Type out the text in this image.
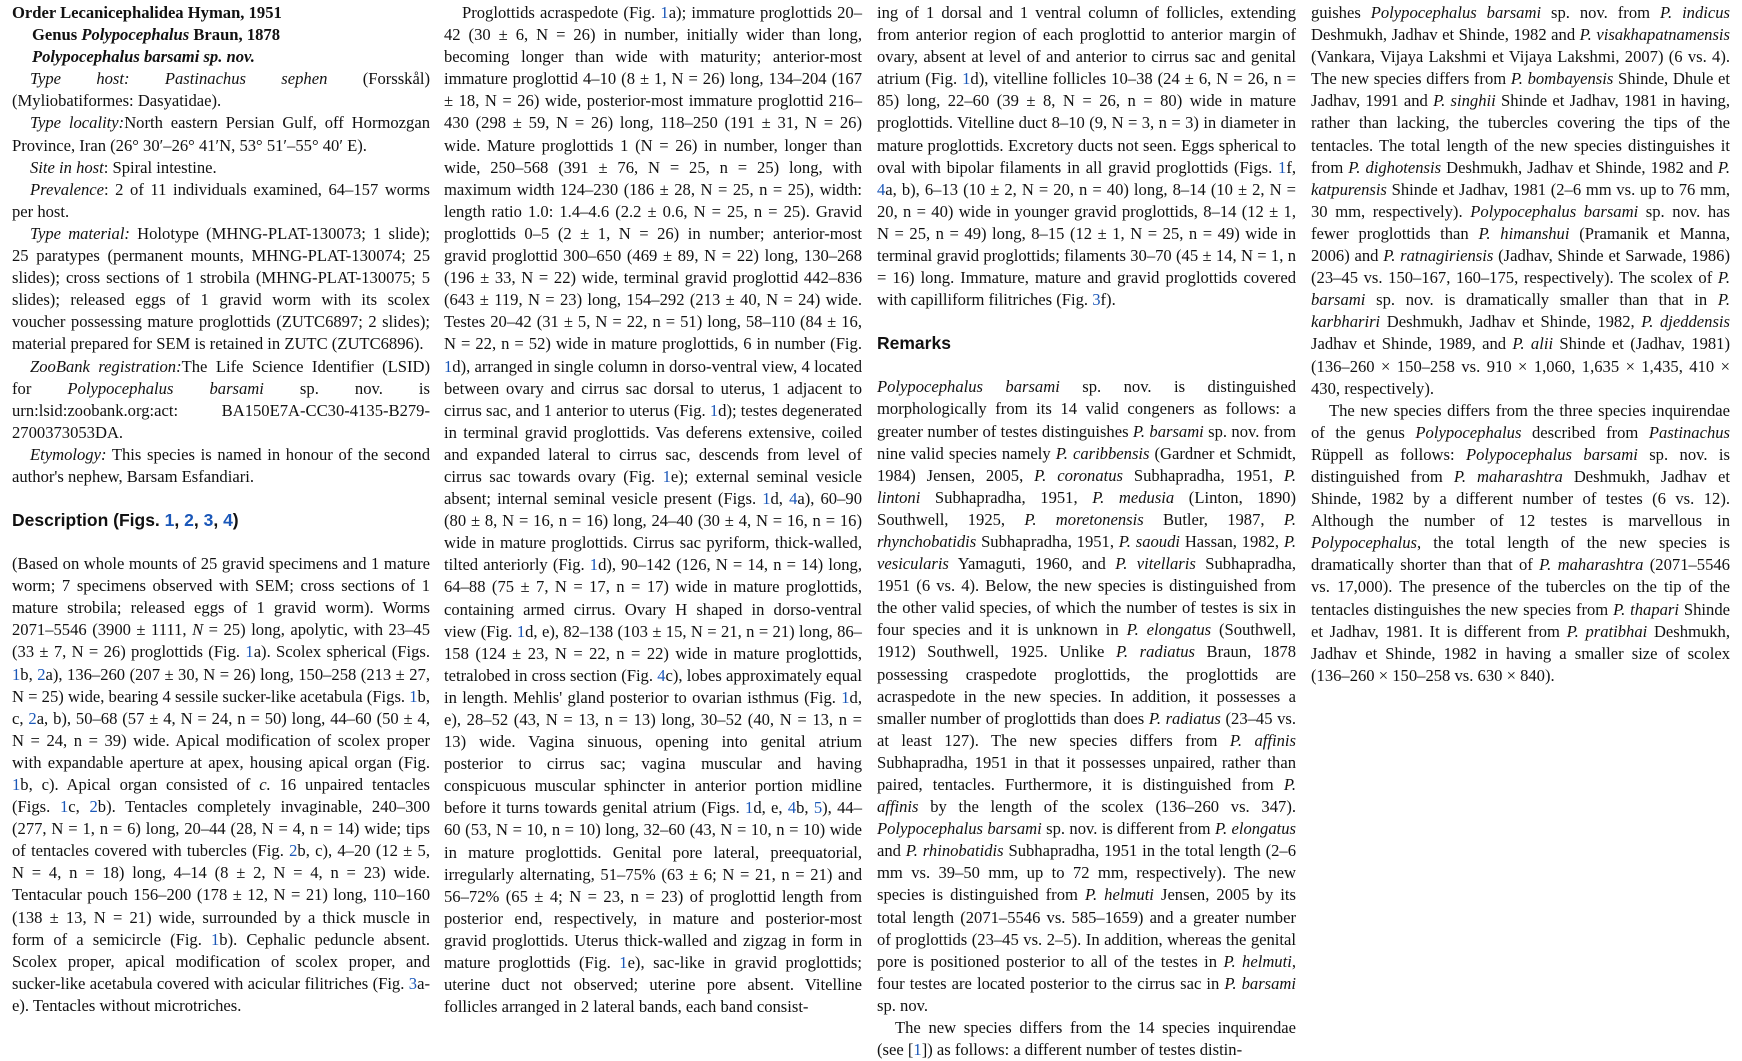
Order Lecanicephalidea Hyman, 1951

Genus Polypocephalus Braun, 1878

Polypocephalus barsami sp. nov.

Type host: Pastinachus sephen (Forsskål) (Myliobatiformes: Dasyatidae).

Type locality:North eastern Persian Gulf, off Hormozgan Province, Iran (26° 30′–26° 41′N, 53° 51′–55° 40′ E).

Site in host: Spiral intestine.

Prevalence: 2 of 11 individuals examined, 64–157 worms per host.

Type material: Holotype (MHNG-PLAT-130073; 1 slide); 25 paratypes (permanent mounts, MHNG-PLAT-130074; 25 slides); cross sections of 1 strobila (MHNG-PLAT-130075; 5 slides); released eggs of 1 gravid worm with its scolex voucher possessing mature proglottids (ZUTC6897; 2 slides); material prepared for SEM is retained in ZUTC (ZUTC6896).

ZooBank registration:The Life Science Identifier (LSID) for Polypocephalus barsami sp. nov. is urn:lsid:zoobank.org:act: BA150E7A-CC30-4135-B279-2700373053DA.

Etymology: This species is named in honour of the second author's nephew, Barsam Esfandiari.

Description (Figs. 1, 2, 3, 4)

(Based on whole mounts of 25 gravid specimens and 1 mature worm; 7 specimens observed with SEM; cross sections of 1 mature strobila; released eggs of 1 gravid worm). Worms 2071–5546 (3900 ± 1111, N = 25) long, apolytic, with 23–45 (33 ± 7, N = 26) proglottids (Fig. 1a). Scolex spherical (Figs. 1b, 2a), 136–260 (207 ± 30, N = 26) long, 150–258 (213 ± 27, N = 25) wide, bearing 4 sessile sucker-like acetabula (Figs. 1b, c, 2a, b), 50–68 (57 ± 4, N = 24, n = 50) long, 44–60 (50 ± 4, N = 24, n = 39) wide. Apical modification of scolex proper with expandable aperture at apex, housing apical organ (Fig. 1b, c). Apical organ consisted of c. 16 unpaired tentacles (Figs. 1c, 2b). Tentacles completely invaginable, 240–300 (277, N = 1, n = 6) long, 20–44 (28, N = 4, n = 14) wide; tips of tentacles covered with tubercles (Fig. 2b, c), 4–20 (12 ± 5, N = 4, n = 18) long, 4–14 (8 ± 2, N = 4, n = 23) wide. Tentacular pouch 156–200 (178 ± 12, N = 21) long, 110–160 (138 ± 13, N = 21) wide, surrounded by a thick muscle in form of a semicircle (Fig. 1b). Cephalic peduncle absent. Scolex proper, apical modification of scolex proper, and sucker-like acetabula covered with acicular filitriches (Fig. 3a-e). Tentacles without microtriches.

Proglottids acraspedote (Fig. 1a); immature proglottids 20–42 (30 ± 6, N = 26) in number, initially wider than long, becoming longer than wide with maturity; anterior-most immature proglottid 4–10 (8 ± 1, N = 26) long, 134–204 (167 ± 18, N = 26) wide, posterior-most immature proglottid 216–430 (298 ± 59, N = 26) long, 118–250 (191 ± 31, N = 26) wide. Mature proglottids 1 (N = 26) in number, longer than wide, 250–568 (391 ± 76, N = 25, n = 25) long, with maximum width 124–230 (186 ± 28, N = 25, n = 25), width: length ratio 1.0: 1.4–4.6 (2.2 ± 0.6, N = 25, n = 25). Gravid proglottids 0–5 (2 ± 1, N = 26) in number; anterior-most gravid proglottid 300–650 (469 ± 89, N = 22) long, 130–268 (196 ± 33, N = 22) wide, terminal gravid proglottid 442–836 (643 ± 119, N = 23) long, 154–292 (213 ± 40, N = 24) wide. Testes 20–42 (31 ± 5, N = 22, n = 51) long, 58–110 (84 ± 16, N = 22, n = 52) wide in mature proglottids, 6 in number (Fig. 1d), arranged in single column in dorso-ventral view, 4 located between ovary and cirrus sac dorsal to uterus, 1 adjacent to cirrus sac, and 1 anterior to uterus (Fig. 1d); testes degenerated in terminal gravid proglottids. Vas deferens extensive, coiled and expanded lateral to cirrus sac, descends from level of cirrus sac towards ovary (Fig. 1e); external seminal vesicle absent; internal seminal vesicle present (Figs. 1d, 4a), 60–90 (80 ± 8, N = 16, n = 16) long, 24–40 (30 ± 4, N = 16, n = 16) wide in mature proglottids. Cirrus sac pyriform, thick-walled, tilted anteriorly (Fig. 1d), 90–142 (126, N = 14, n = 14) long, 64–88 (75 ± 7, N = 17, n = 17) wide in mature proglottids, containing armed cirrus. Ovary H shaped in dorso-ventral view (Fig. 1d, e), 82–138 (103 ± 15, N = 21, n = 21) long, 86–158 (124 ± 23, N = 22, n = 22) wide in mature proglottids, tetralobed in cross section (Fig. 4c), lobes approximately equal in length. Mehlis' gland posterior to ovarian isthmus (Fig. 1d, e), 28–52 (43, N = 13, n = 13) long, 30–52 (40, N = 13, n = 13) wide. Vagina sinuous, opening into genital atrium posterior to cirrus sac; vagina muscular and having conspicuous muscular sphincter in anterior portion midline before it turns towards genital atrium (Figs. 1d, e, 4b, 5), 44–60 (53, N = 10, n = 10) long, 32–60 (43, N = 10, n = 10) wide in mature proglottids. Genital pore lateral, preequatorial, irregularly alternating, 51–75% (63 ± 6; N = 21, n = 21) and 56–72% (65 ± 4; N = 23, n = 23) of proglottid length from posterior end, respectively, in mature and posterior-most gravid proglottids. Uterus thick-walled and zigzag in form in mature proglottids (Fig. 1e), sac-like in gravid proglottids; uterine duct not observed; uterine pore absent. Vitelline follicles arranged in 2 lateral bands, each band consist-

ing of 1 dorsal and 1 ventral column of follicles, extending from anterior region of each proglottid to anterior margin of ovary, absent at level of and anterior to cirrus sac and genital atrium (Fig. 1d), vitelline follicles 10–38 (24 ± 6, N = 26, n = 85) long, 22–60 (39 ± 8, N = 26, n = 80) wide in mature proglottids. Vitelline duct 8–10 (9, N = 3, n = 3) in diameter in mature proglottids. Excretory ducts not seen. Eggs spherical to oval with bipolar filaments in all gravid proglottids (Figs. 1f, 4a, b), 6–13 (10 ± 2, N = 20, n = 40) long, 8–14 (10 ± 2, N = 20, n = 40) wide in younger gravid proglottids, 8–14 (12 ± 1, N = 25, n = 49) long, 8–15 (12 ± 1, N = 25, n = 49) wide in terminal gravid proglottids; filaments 30–70 (45 ± 14, N = 1, n = 16) long. Immature, mature and gravid proglottids covered with capilliform filitriches (Fig. 3f).

Remarks

Polypocephalus barsami sp. nov. is distinguished morphologically from its 14 valid congeners as follows: a greater number of testes distinguishes P. barsami sp. nov. from nine valid species namely P. caribbensis (Gardner et Schmidt, 1984) Jensen, 2005, P. coronatus Subhapradha, 1951, P. lintoni Subhapradha, 1951, P. medusia (Linton, 1890) Southwell, 1925, P. moretonensis Butler, 1987, P. rhynchobatidis Subhapradha, 1951, P. saoudi Hassan, 1982, P. vesicularis Yamaguti, 1960, and P. vitellaris Subhapradha, 1951 (6 vs. 4). Below, the new species is distinguished from the other valid species, of which the number of testes is six in four species and it is unknown in P. elongatus (Southwell, 1912) Southwell, 1925. Unlike P. radiatus Braun, 1878 possessing craspedote proglottids, the proglottids are acraspedote in the new species. In addition, it possesses a smaller number of proglottids than does P. radiatus (23–45 vs. at least 127). The new species differs from P. affinis Subhapradha, 1951 in that it possesses unpaired, rather than paired, tentacles. Furthermore, it is distinguished from P. affinis by the length of the scolex (136–260 vs. 347). Polypocephalus barsami sp. nov. is different from P. elongatus and P. rhinobatidis Subhapradha, 1951 in the total length (2–6 mm vs. 39–50 mm, up to 72 mm, respectively). The new species is distinguished from P. helmuti Jensen, 2005 by its total length (2071–5546 vs. 585–1659) and a greater number of proglottids (23–45 vs. 2–5). In addition, whereas the genital pore is positioned posterior to all of the testes in P. helmuti, four testes are located posterior to the cirrus sac in P. barsami sp. nov.

The new species differs from the 14 species inquirendae (see [1]) as follows: a different number of testes distin-

guishes Polypocephalus barsami sp. nov. from P. indicus Deshmukh, Jadhav et Shinde, 1982 and P. visakhapatnamensis (Vankara, Vijaya Lakshmi et Vijaya Lakshmi, 2007) (6 vs. 4). The new species differs from P. bombayensis Shinde, Dhule et Jadhav, 1991 and P. singhii Shinde et Jadhav, 1981 in having, rather than lacking, the tubercles covering the tips of the tentacles. The total length of the new species distinguishes it from P. dighotensis Deshmukh, Jadhav et Shinde, 1982 and P. katpurensis Shinde et Jadhav, 1981 (2–6 mm vs. up to 76 mm, 30 mm, respectively). Polypocephalus barsami sp. nov. has fewer proglottids than P. himanshui (Pramanik et Manna, 2006) and P. ratnagiriensis (Jadhav, Shinde et Sarwade, 1986) (23–45 vs. 150–167, 160–175, respectively). The scolex of P. barsami sp. nov. is dramatically smaller than that in P. karbhariri Deshmukh, Jadhav et Shinde, 1982, P. djeddensis Jadhav et Shinde, 1989, and P. alii Shinde et (Jadhav, 1981) (136–260 × 150–258 vs. 910 × 1,060, 1,635 × 1,435, 410 × 430, respectively).

The new species differs from the three species inquirendae of the genus Polypocephalus described from Pastinachus Rüppell as follows: Polypocephalus barsami sp. nov. is distinguished from P. maharashtra Deshmukh, Jadhav et Shinde, 1982 by a different number of testes (6 vs. 12). Although the number of 12 testes is marvellous in Polypocephalus, the total length of the new species is dramatically shorter than that of P. maharashtra (2071–5546 vs. 17,000). The presence of the tubercles on the tip of the tentacles distinguishes the new species from P. thapari Shinde et Jadhav, 1981. It is different from P. pratibhai Deshmukh, Jadhav et Shinde, 1982 in having a smaller size of scolex (136–260 × 150–258 vs. 630 × 840).
